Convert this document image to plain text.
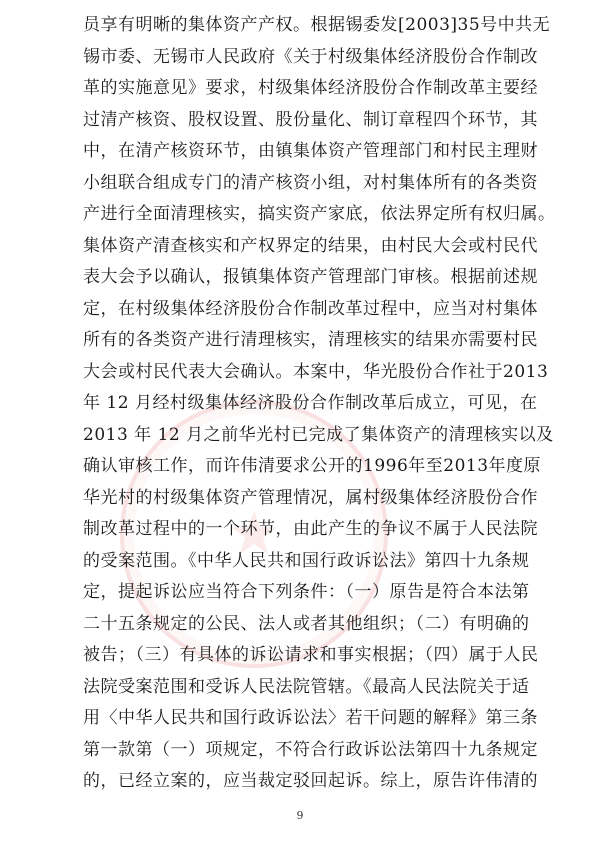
★
员享有明晰的集体资产产权。根据锡委发[2003]35号中共无
锡市委、无锡市人民政府《关于村级集体经济股份合作制改
革的实施意见》要求，村级集体经济股份合作制改革主要经
过清产核资、股权设置、股份量化、制订章程四个环节，其
中，在清产核资环节，由镇集体资产管理部门和村民主理财
小组联合组成专门的清产核资小组，对村集体所有的各类资
产进行全面清理核实，搞实资产家底，依法界定所有权归属。
集体资产清查核实和产权界定的结果，由村民大会或村民代
表大会予以确认，报镇集体资产管理部门审核。根据前述规
定，在村级集体经济股份合作制改革过程中，应当对村集体
所有的各类资产进行清理核实，清理核实的结果亦需要村民
大会或村民代表大会确认。本案中，华光股份合作社于2013
年 12 月经村级集体经济股份合作制改革后成立，可见，在
2013 年 12 月之前华光村已完成了集体资产的清理核实以及
确认审核工作，而许伟清要求公开的1996年至2013年度原
华光村的村级集体资产管理情况，属村级集体经济股份合作
制改革过程中的一个环节，由此产生的争议不属于人民法院
的受案范围。《中华人民共和国行政诉讼法》第四十九条规
定，提起诉讼应当符合下列条件：（一）原告是符合本法第
二十五条规定的公民、法人或者其他组织；（二）有明确的
被告；（三）有具体的诉讼请求和事实根据；（四）属于人民
法院受案范围和受诉人民法院管辖。《最高人民法院关于适
用〈中华人民共和国行政诉讼法〉若干问题的解释》第三条
第一款第（一）项规定，不符合行政诉讼法第四十九条规定
的，已经立案的，应当裁定驳回起诉。综上，原告许伟清的
9
